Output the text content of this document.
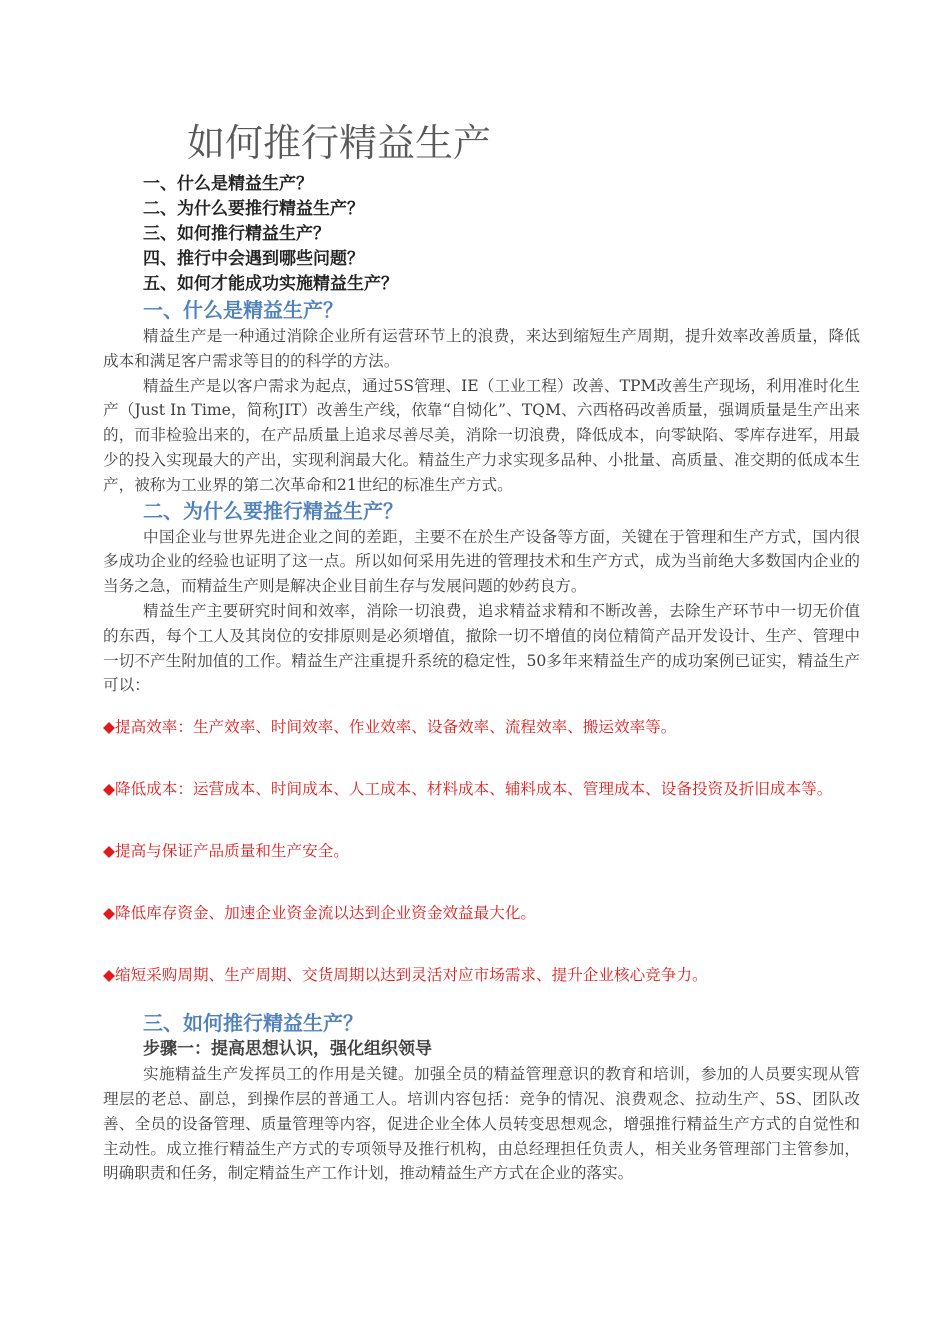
如何推行精益生产
一、什么是精益生产？
二、为什么要推行精益生产？
三、如何推行精益生产？
四、推行中会遇到哪些问题？
五、如何才能成功实施精益生产？
一、什么是精益生产？

精益生产是一种通过消除企业所有运营环节上的浪费，来达到缩短生产周期，提升效率改善质量，降低成本和满足客户需求等目的的科学的方法。

精益生产是以客户需求为起点，通过5S管理、IE（工业工程）改善、TPM改善生产现场，利用准时化生产（Just In Time，简称JIT）改善生产线，依靠“自恸化”、TQM、六西格码改善质量，强调质量是生产出来的，而非检验出来的，在产品质量上追求尽善尽美，消除一切浪费，降低成本，向零缺陷、零库存进军，用最少的投入实现最大的产出，实现利润最大化。精益生产力求实现多品种、小批量、高质量、准交期的低成本生产，被称为工业界的第二次革命和21世纪的标准生产方式。

二、为什么要推行精益生产？

中国企业与世界先进企业之间的差距，主要不在於生产设备等方面，关键在于管理和生产方式，国内很多成功企业的经验也证明了这一点。所以如何采用先进的管理技术和生产方式，成为当前绝大多数国内企业的当务之急，而精益生产则是解决企业目前生存与发展问题的妙药良方。

精益生产主要研究时间和效率，消除一切浪费，追求精益求精和不断改善，去除生产环节中一切无价值的东西，每个工人及其岗位的安排原则是必须增值，撤除一切不增值的岗位精简产品开发设计、生产、管理中一切不产生附加值的工作。精益生产注重提升系统的稳定性，50多年来精益生产的成功案例已证实，精益生产可以：

◆提高效率：生产效率、时间效率、作业效率、设备效率、流程效率、搬运效率等。

◆降低成本：运营成本、时间成本、人工成本、材料成本、辅料成本、管理成本、设备投资及折旧成本等。

◆提高与保证产品质量和生产安全。

◆降低库存资金、加速企业资金流以达到企业资金效益最大化。

◆缩短采购周期、生产周期、交货周期以达到灵活对应市场需求、提升企业核心竞争力。

三、如何推行精益生产？
步骤一：提高思想认识，强化组织领导

实施精益生产发挥员工的作用是关键。加强全员的精益管理意识的教育和培训，参加的人员要实现从管理层的老总、副总，到操作层的普通工人。培训内容包括：竞争的情况、浪费观念、拉动生产、5S、团队改善、全员的设备管理、质量管理等内容，促进企业全体人员转变思想观念，增强推行精益生产方式的自觉性和主动性。成立推行精益生产方式的专项领导及推行机构，由总经理担任负责人，相关业务管理部门主管参加，明确职责和任务，制定精益生产工作计划，推动精益生产方式在企业的落实。
